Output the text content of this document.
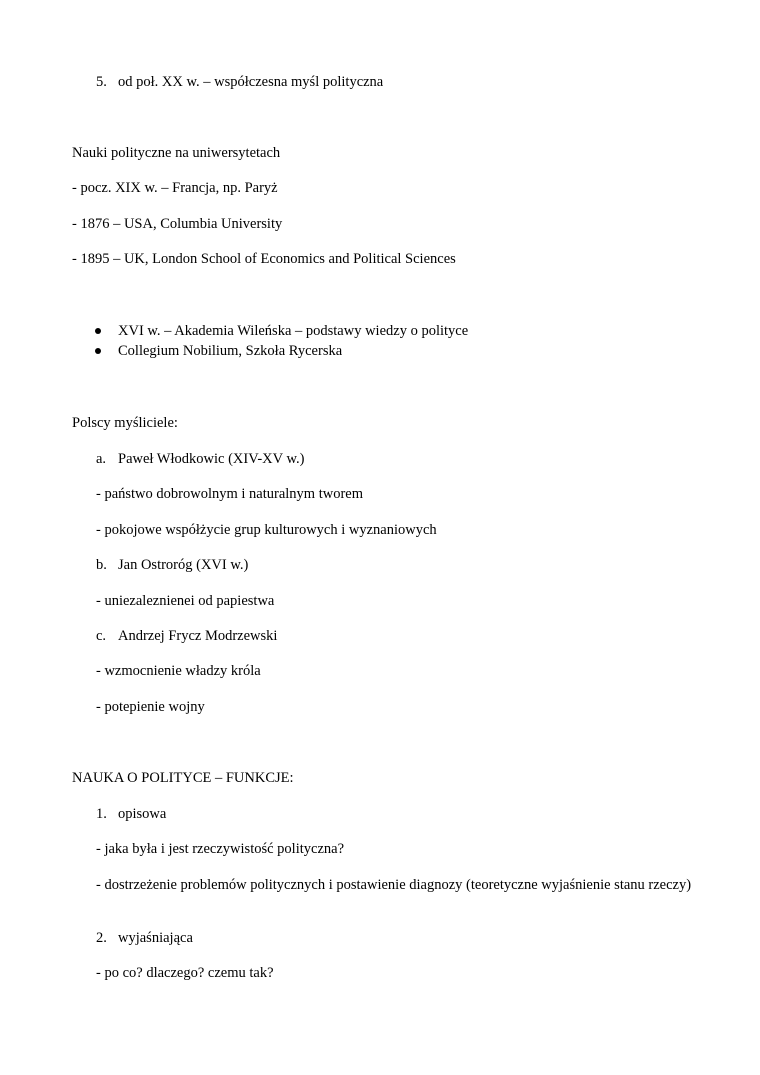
5. od poł. XX w. – współczesna myśl polityczna
Nauki polityczne na uniwersytetach
- pocz. XIX w. – Francja, np. Paryż
- 1876 – USA, Columbia University
- 1895 – UK, London School of Economics and Political Sciences
XVI w. – Akademia Wileńska – podstawy wiedzy o polityce
Collegium Nobilium, Szkoła Rycerska
Polscy myśliciele:
a. Paweł Włodkowic (XIV-XV w.)
- państwo dobrowolnym i naturalnym tworem
- pokojowe współżycie grup kulturowych i wyznaniowych
b. Jan Ostroróg (XVI w.)
- uniezaleznienei od papiestwa
c. Andrzej Frycz Modrzewski
- wzmocnienie władzy króla
- potepienie wojny
NAUKA O POLITYCE – FUNKCJE:
1. opisowa
- jaka była i jest rzeczywistość polityczna?
- dostrzeżenie problemów politycznych i postawienie diagnozy (teoretyczne wyjaśnienie stanu rzeczy)
2. wyjaśniająca
- po co? dlaczego? czemu tak?
